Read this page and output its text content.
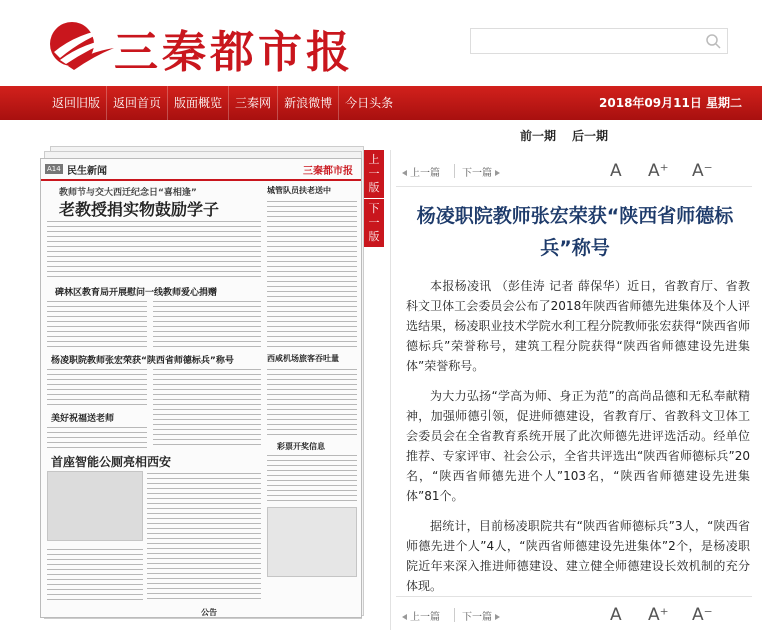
三秦都市报
返回旧版	返回首页	版面概览	三秦网	新浪微博	今日头条	2018年09月11日 星期二
前一期 后一期
A14 民生新闻	三秦都市报
教师节与交大西迁纪念日“喜相逢”
老教授捐实物鼓励学子
碑林区教育局开展慰问一线教师爱心捐赠
杨凌职院教师张宏荣获“陕西省师德标兵”称号
美好祝福送老师
首座智能公厕亮相西安
城管队员扶老送中
西咸机场旅客吞吐量
彩票开奖信息
公告
上一版
下一版
上一篇 下一篇	A A⁺ A⁻
杨凌职院教师张宏荣获“陕西省师德标兵”称号

本报杨凌讯 （彭佳涛 记者 薛保华）近日，省教育厅、省教科文卫体工会委员会公布了2018年陕西省师德先进集体及个人评选结果，杨凌职业技术学院水利工程分院教师张宏获得“陕西省师德标兵”荣誉称号，建筑工程分院获得“陕西省师德建设先进集体”荣誉称号。

为大力弘扬“学高为师、身正为范”的高尚品德和无私奉献精神，加强师德引领，促进师德建设，省教育厅、省教科文卫体工会委员会在全省教育系统开展了此次师德先进评选活动。经单位推荐、专家评审、社会公示，全省共评选出“陕西省师德标兵”20名，“陕西省师德先进个人”103名，“陕西省师德建设先进集体”81个。

据统计，目前杨凌职院共有“陕西省师德标兵”3人，“陕西省师德先进个人”4人，“陕西省师德建设先进集体”2个，是杨凌职院近年来深入推进师德建设、建立健全师德建设长效机制的充分体现。

上一篇 下一篇	A A⁺ A⁻
